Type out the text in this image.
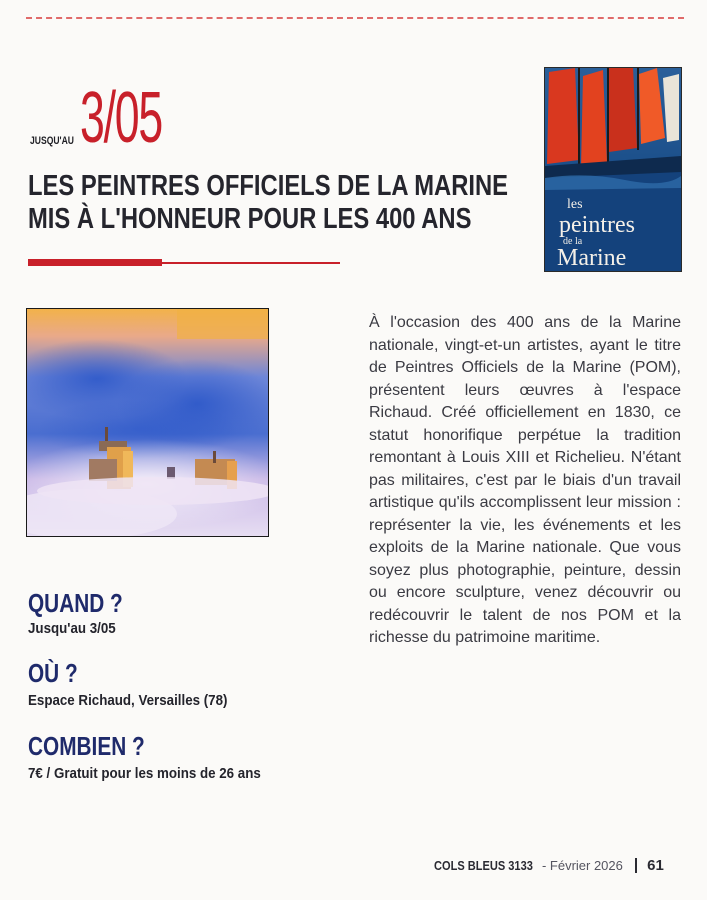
JUSQU'AU 3/05
LES PEINTRES OFFICIELS DE LA MARINE
MIS À L'HONNEUR POUR LES 400 ANS	les
peintres
de la
Marine
À l'occasion des 400 ans de la Marine nationale, vingt-et-un artistes, ayant le titre de Peintres Officiels de la Marine (POM), présentent leurs œuvres à l'espace Richaud. Créé officiellement en 1830, ce statut honorifique perpétue la tradition remontant à Louis XIII et Richelieu. N'étant pas militaires, c'est par le biais d'un travail artistique qu'ils accomplissent leur mission : représenter la vie, les événements et les exploits de la Marine nationale. Que vous soyez plus photographie, peinture, dessin ou encore sculpture, venez découvrir ou redécouvrir le talent de nos POM et la richesse du patrimoine maritime.
QUAND ?
Jusqu'au 3/05
OÙ ?
Espace Richaud, Versailles (78)
COMBIEN ?
7€ / Gratuit pour les moins de 26 ans
COLS BLEUS 3133 - Février 2026 61
